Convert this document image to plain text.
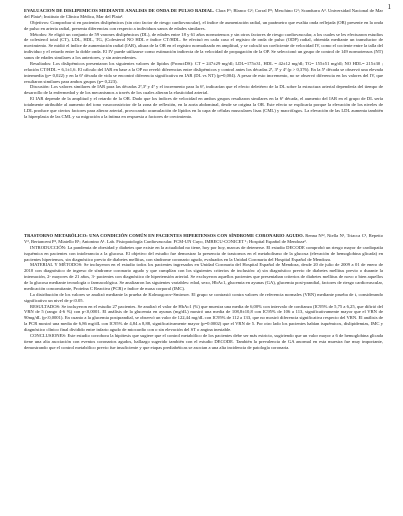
1

EVALUACION DE DISLIPEMICOS MEDIANTE ANALISIS DE ONDA DE PULSO RADIAL. Clara F¹; Blanco G²; Corral P³; Meschino G³; Scandurra A³. Universidad Nacional de Mar del Plata¹; Instituto de Clínica Médica, Mar del Plata².

Objetivos: Comprobar si en pacientes dislipémicos (sin otro factor de riesgo cardiovascular), el índice de aumentación radial, un parámetro que evalúa onda reflejada (OR) presente en la onda de pulso en arteria radial, presenta diferencias con respecto a individuos sanos de edades similares.

Métodos: Se eligió un conjunto de 59 varones dislipémicos (DL), de edades entre 18 y 61 años normotensos y sin otros factores de riesgo cardiovascular, a los cuales se les efectuaron estudios de colesterol total (CT), LDL, HDL, TG, (Colesterol NO HDL e índice CT/HDL. Se efectuó en cada caso el registro de onda de pulso (ODP) radial, obtenida mediante un transductor de movimiento. Se midió el índice de aumentación radial (IAR), altura de la OR en el registro normalizado en amplitud, y se calculó un coeficiente de velocidad IV, como el cociente entre la talla del individuo y el retardo entre la doble onda. El IV puede utilizarse como estimación indirecta de la velocidad de propagación de la OP. Se seleccionó un grupo de control de 149 normotensos (NT) sanos de edades similares a los anteriores, y sin antecedentes.

Resultados: Los dislipémicos presentaron los siguientes valores de lípidos (Prom±DS): CT = 247±29 mg/dl; LDL=175±31, HDL = 42±12 mg/dl; TG= 155±51 mg/dl; NO HDL= 215±30 ; relación CT/HDL = 6,1±1,6. El cálculo del IAR en base a la OP no reveló diferencias entre dislipémicos y control antes los décadas 2ª, 3ª y 4ª (p > 0,376). En la 5ª década se observó una elevada intermedia (p= 0,022) y en la 6ª década de vida se encontró diferencia significativa en IAR (DL vs NT) (p=0,004). A pesar de esto incremento, no se observó diferencia en los valores del IV, que resultaron similares para ambos grupos (p= 0,223).

Discusión: Los valores similares de IAR para las décadas 2ª,3ª y 4ª y el incremento para la 6ª, indicarían que el efecto deletéreo de la DL sobre la estructura arterial dependería del tiempo de desarrollo de la enfermedad y de los mecanismos a través de los cuales alteran la elasticidad arterial.

El IAR depende de la amplitud y el retardo de la OR. Dado que los índices de velocidad en ambos grupos resultaron similares en la 6ª década, el aumento del IAR en el grupo de DL sería totalmente atribuible al aumento del tono vasoconstrictor de la zona de reflexión, en la aorta abdominal, desde se origina la OR. Este efecto se explicaría porque la elevación de los niveles de LDL produce que ciertos factores para alterar arterial, provocando acumulación de lípidos en la capa de células musculares lisas (CML) y macrófagos. La elevación de las LDL aumenta también la hiperplasia de las CML y su migración a la íntima en respuesta a factores de crecimiento.

TRASTORNO METABÓLICO: UNA CONDICIÓN COMÚN EN PACIENTES HIPERTENSOS CON SÍNDROME CORONARIO AGUDO. Renna N¹², Niella N¹, Triacca C², Repetto V², Bertanceni P², Miatello R¹; Antonino A¹. Lab. Fisiopatología Cardiovascular. FCM-UN Cuyo, IMBECU-CONICET ¹; Hospital Español de Mendoza².

INTRODUCCIÓN: La pandemia de obesidad y diabetes que existe en la actualidad no tiene, hoy por hoy, marcas de detenerse. El estudio DECODE comprobó un riesgo mayor de cardiopatía isquémica en pacientes con intolerancia a la glucosa. El objetivo del estudio fue demostrar la presencia de trastornos en el metabolismo de la glucosa (elevación de hemoglobina glicada) en pacientes hipertensos, sin diagnóstico previo de diabetes mellitus, con síndrome coronario agudo, evaluados en la Unidad Coronaria del Hospital Español de Mendoza.

MATERIAL Y MÉTODOS: Se incluyeron en el estudio todos los pacientes ingresados en Unidad Coronaria del Hospital Español de Mendoza, desde 20 de julio de 2009 a 01 de enero de 2010 con diagnóstico de ingreso de síndrome coronario agudo y que cumplían con los siguientes criterios de inclusión: a) sin diagnóstico previo de diabetes mellitus previo o durante la internación, 2- mayores de 21 años, 3- pacientes con diagnóstico de hipertensión arterial. Se excluyeron aquellos pacientes que presentaban criterios de diabetes mellitus de novo o bien aquellos de la glucosa mediante tecnología o farmacológica. Se analizaron las siguientes variables: edad, sexo, HbAc1, glucemia en ayunas (GA), glucemia post-prandial, factores de riesgo cardiovascular, medicación concomitante, Proteína C Reactiva (PCR) e índice de masa corporal (IMC).

La distribución de los valores se analizó mediante la prueba de Kolmogorov-Smirnov. El grupo se contrastó contra valores de referencia normales (VRN) mediante prueba de t, considerando significativo un nivel de p<0.05.

RESULTADOS: Se incluyeron en el estudio 27 pacientes. Se analizó el valor de HbAc1 (%) que muestra una media de 6,00% con intervalo de confianza (IC95% de 5,75 a 6,25, que difirió del VRN de 5 (rango 4-6 %) con p<0,0001. El análisis de la glucemia en ayunas (mg/dL) mostró una media de 108,8±10,8 con IC95% de 106 a 113, significativamente mayor que el VRN de 90mg/dL (p<0,0001). En cuanto a la glucemia postprandial, se observó un valor de 122,44 mg/dL con IC95% de 112 a 133, que no mostró diferencia significativa respecto del VRN. El análisis de la PCR mostró una media de 6,86 mg/dL con IC95% de 4,84 a 8,88, significativamente mayor (p=0.0002) que el VRN de 5. Por otro lado los pacientes habían isquémicos, dislipidemias, IMC y diagnóstico clínico final dividido entre infarto agudo de miocardio con o sin elevación del ST o angina inestable.

CONCLUSIONES: Este estudio corrobora la hipótesis que sugiere que el control metabólico de los pacientes debe ser más estricto, sugiriendo que un valor mayor a 6 de hemoglobina glicada tiene una alta asociación con eventos coronarios agudos, hallazgo sugerido también con el estudio DECODE. También la prevalencia de GA anormal en esta muestra fue muy importante, demostrando que el control metabólico previo fue insuficiente y que etapas prediabéticas se asocian a una alta incidencia de patología coronaria.
